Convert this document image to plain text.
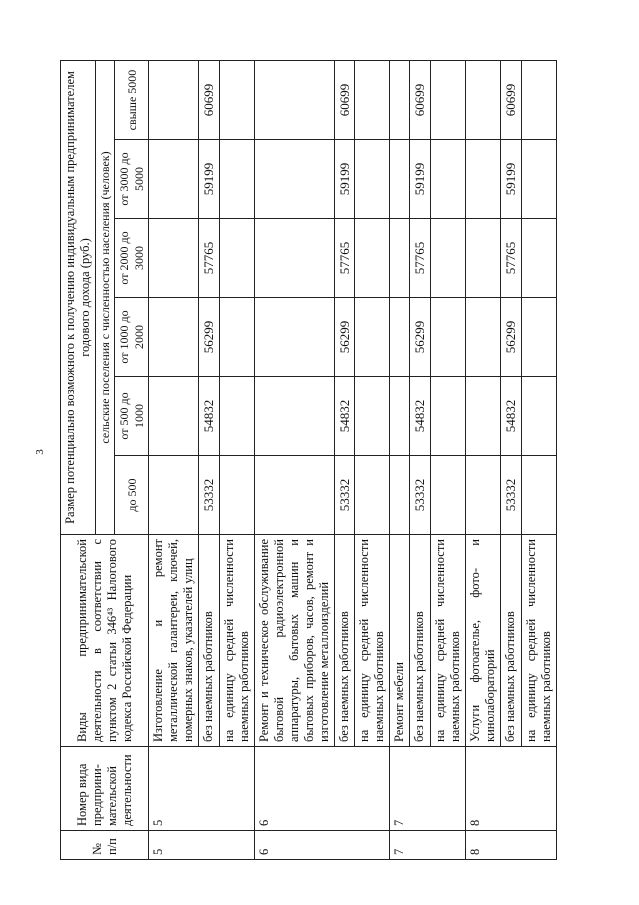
3
№ п/п	Номер вида предприни-мательской деятельности	Виды предпринимательской деятельности в соответствии с пунктом 2 статьи 346⁴³ Налогового кодекса Российской Федерации	Размер потенциально возможного к получению индивидуальным предпринимателем годового дохода (руб.)					
			сельские поселения с численностью населения (человек)					
			до 500	от 500 до 1000	от 1000 до 2000	от 2000 до 3000	от 3000 до 5000	свыше 5000
5	5	Изготовление и ремонт металлической галантереи, ключей, номерных знаков, указателей улиц						
		без наемных работников	53332	54832	56299	57765	59199	60699
		на единицу средней численности наемных работников						
6	6	Ремонт и техническое обслуживание бытовой радиоэлектронной аппаратуры, бытовых машин и бытовых приборов, часов, ремонт и изготовление металлоизделий						
		без наемных работников	53332	54832	56299	57765	59199	60699
		на единицу средней численности наемных работников						
7	7	Ремонт мебели						
		без наемных работников	53332	54832	56299	57765	59199	60699
		на единицу средней численности наемных работников						
8	8	Услуги фотоателье, фото- и кинолабораторий						
		без наемных работников	53332	54832	56299	57765	59199	60699
		на единицу средней численности наемных работников						
